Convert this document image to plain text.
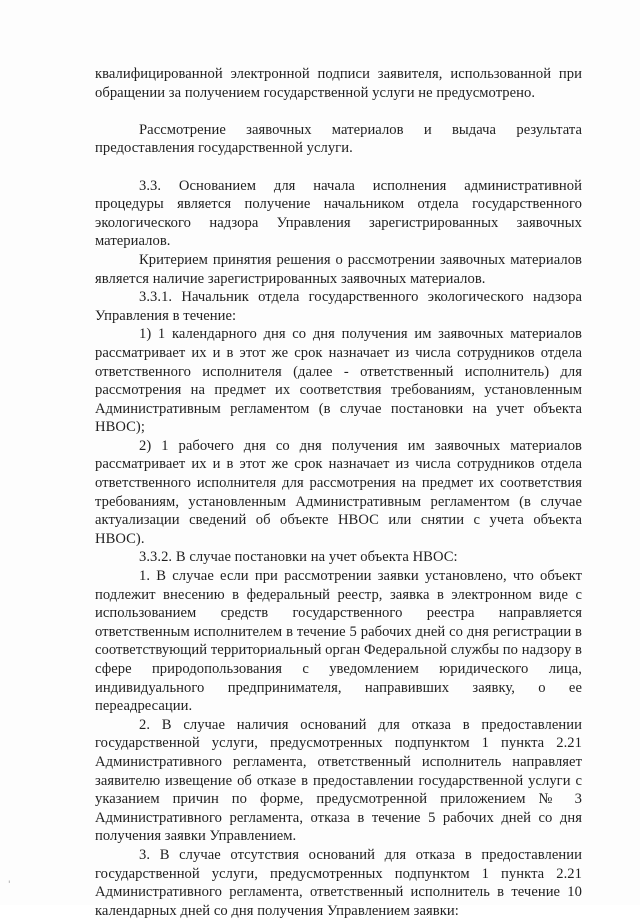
квалифицированной электронной подписи заявителя, использованной при обращении за получением государственной услуги не предусмотрено.

Рассмотрение заявочных материалов и выдача результата предоставления государственной услуги.

3.3. Основанием для начала исполнения административной процедуры является получение начальником отдела государственного экологического надзора Управления зарегистрированных заявочных материалов.

Критерием принятия решения о рассмотрении заявочных материалов является наличие зарегистрированных заявочных материалов.

3.3.1. Начальник отдела государственного экологического надзора Управления в течение:

1) 1 календарного дня со дня получения им заявочных материалов рассматривает их и в этот же срок назначает из числа сотрудников отдела ответственного исполнителя (далее - ответственный исполнитель) для рассмотрения на предмет их соответствия требованиям, установленным Административным регламентом (в случае постановки на учет объекта НВОС);

2) 1 рабочего дня со дня получения им заявочных материалов рассматривает их и в этот же срок назначает из числа сотрудников отдела ответственного исполнителя для рассмотрения на предмет их соответствия требованиям, установленным Административным регламентом (в случае актуализации сведений об объекте НВОС или снятии с учета объекта НВОС).

3.3.2. В случае постановки на учет объекта НВОС:

1. В случае если при рассмотрении заявки установлено, что объект подлежит внесению в федеральный реестр, заявка в электронном виде с использованием средств государственного реестра направляется ответственным исполнителем в течение 5 рабочих дней со дня регистрации в соответствующий территориальный орган Федеральной службы по надзору в сфере природопользования с уведомлением юридического лица, индивидуального предпринимателя, направивших заявку, о ее переадресации.

2. В случае наличия оснований для отказа в предоставлении государственной услуги, предусмотренных подпунктом 1 пункта 2.21 Административного регламента, ответственный исполнитель направляет заявителю извещение об отказе в предоставлении государственной услуги с указанием причин по форме, предусмотренной приложением № 3 Административного регламента, отказа в течение 5 рабочих дней со дня получения заявки Управлением.

3. В случае отсутствия оснований для отказа в предоставлении государственной услуги, предусмотренных подпунктом 1 пункта 2.21 Административного регламента, ответственный исполнитель в течение 10 календарных дней со дня получения Управлением заявки:

'
